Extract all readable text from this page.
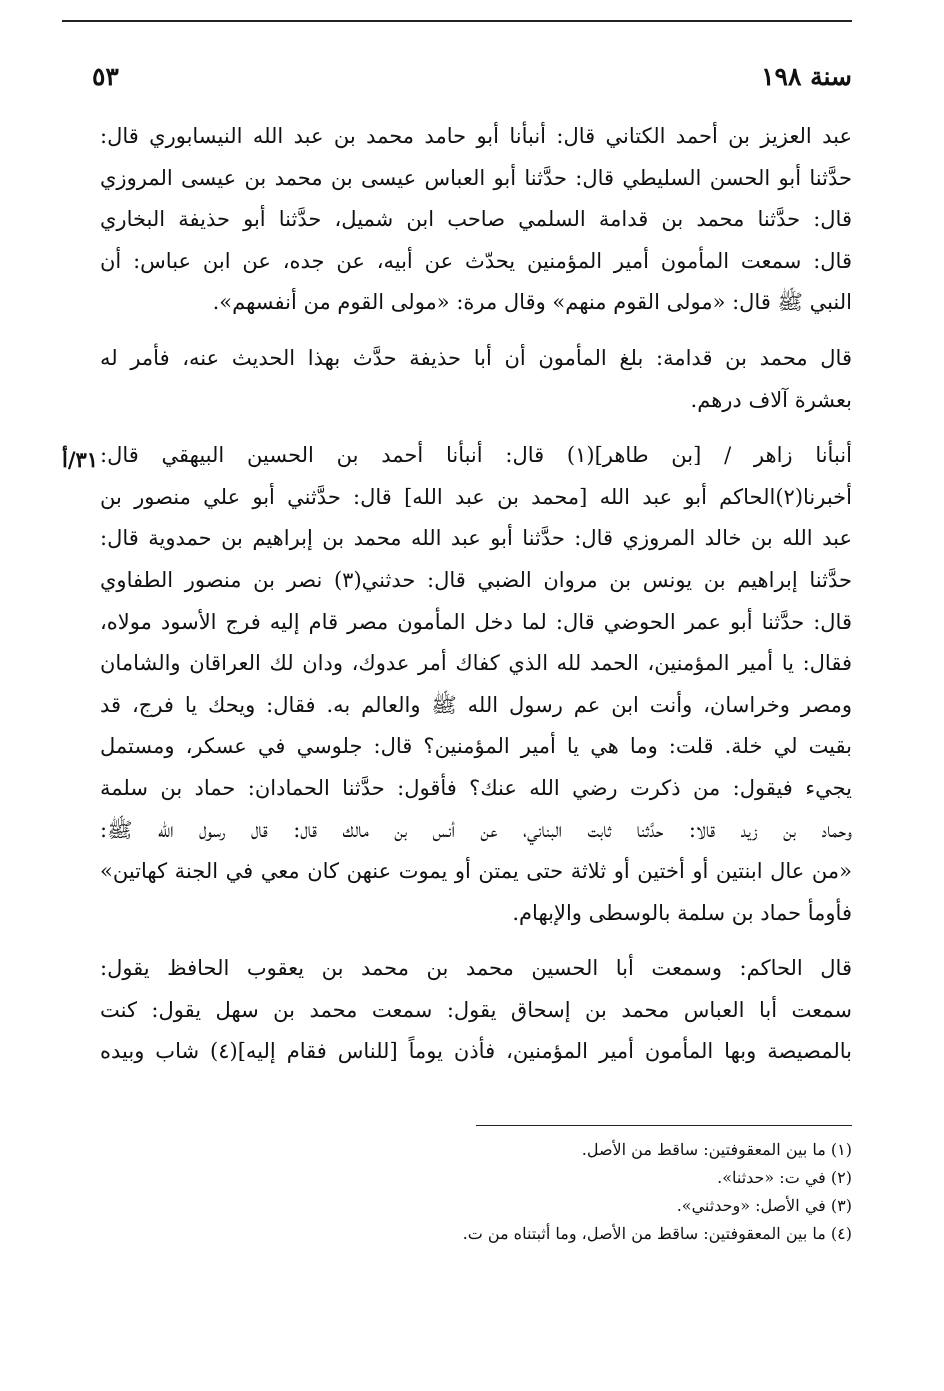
سنة ١٩٨
٥٣
٣١/أ

عبد العزيز بن أحمد الكتاني قال: أنبأنا أبو حامد محمد بن عبد الله النيسابوري قال:
حدَّثنا أبو الحسن السليطي قال: حدَّثنا أبو العباس عيسى بن محمد بن عيسى المروزي
قال: حدَّثنا محمد بن قدامة السلمي صاحب ابن شميل، حدَّثنا أبو حذيفة البخاري
قال: سمعت المأمون أمير المؤمنين يحدّث عن أبيه، عن جده، عن ابن عباس: أن
النبي ﷺ قال: «مولى القوم منهم» وقال مرة: «مولى القوم من أنفسهم».

قال محمد بن قدامة: بلغ المأمون أن أبا حذيفة حدَّث بهذا الحديث عنه، فأمر له
بعشرة آلاف درهم.

أنبأنا زاهر / [بن طاهر](١) قال: أنبأنا أحمد بن الحسين البيهقي قال:
أخبرنا(٢)الحاكم أبو عبد الله [محمد بن عبد الله] قال: حدَّثني أبو علي منصور بن
عبد الله بن خالد المروزي قال: حدَّثنا أبو عبد الله محمد بن إبراهيم بن حمدوية قال:
حدَّثنا إبراهيم بن يونس بن مروان الضبي قال: حدثني(٣) نصر بن منصور الطفاوي
قال: حدَّثنا أبو عمر الحوضي قال: لما دخل المأمون مصر قام إليه فرج الأسود مولاه،
فقال: يا أمير المؤمنين، الحمد لله الذي كفاك أمر عدوك، ودان لك العراقان والشامان
ومصر وخراسان، وأنت ابن عم رسول الله ﷺ والعالم به. فقال: ويحك يا فرج، قد
بقيت لي خلة. قلت: وما هي يا أمير المؤمنين؟ قال: جلوسي في عسكر، ومستمل
يجيء فيقول: من ذكرت رضي الله عنك؟ فأقول: حدَّثنا الحمادان: حماد بن سلمة
وحماد بن زيد قالا: حدَّثنا ثابت البناني، عن أنس بن مالك قال: قال رسول الله ﷺ:
«من عال ابنتين أو أختين أو ثلاثة حتى يمتن أو يموت عنهن كان معي في الجنة كهاتين»
فأومأ حماد بن سلمة بالوسطى والإبهام.

قال الحاكم: وسمعت أبا الحسين محمد بن محمد بن يعقوب الحافظ يقول:
سمعت أبا العباس محمد بن إسحاق يقول: سمعت محمد بن سهل يقول: كنت
بالمصيصة وبها المأمون أمير المؤمنين، فأذن يوماً [للناس فقام إليه](٤) شاب وبيده

(١) ما بين المعقوفتين: ساقط من الأصل.
(٢) في ت: «حدثنا».
(٣) في الأصل: «وحدثني».
(٤) ما بين المعقوفتين: ساقط من الأصل، وما أثبتناه من ت.
